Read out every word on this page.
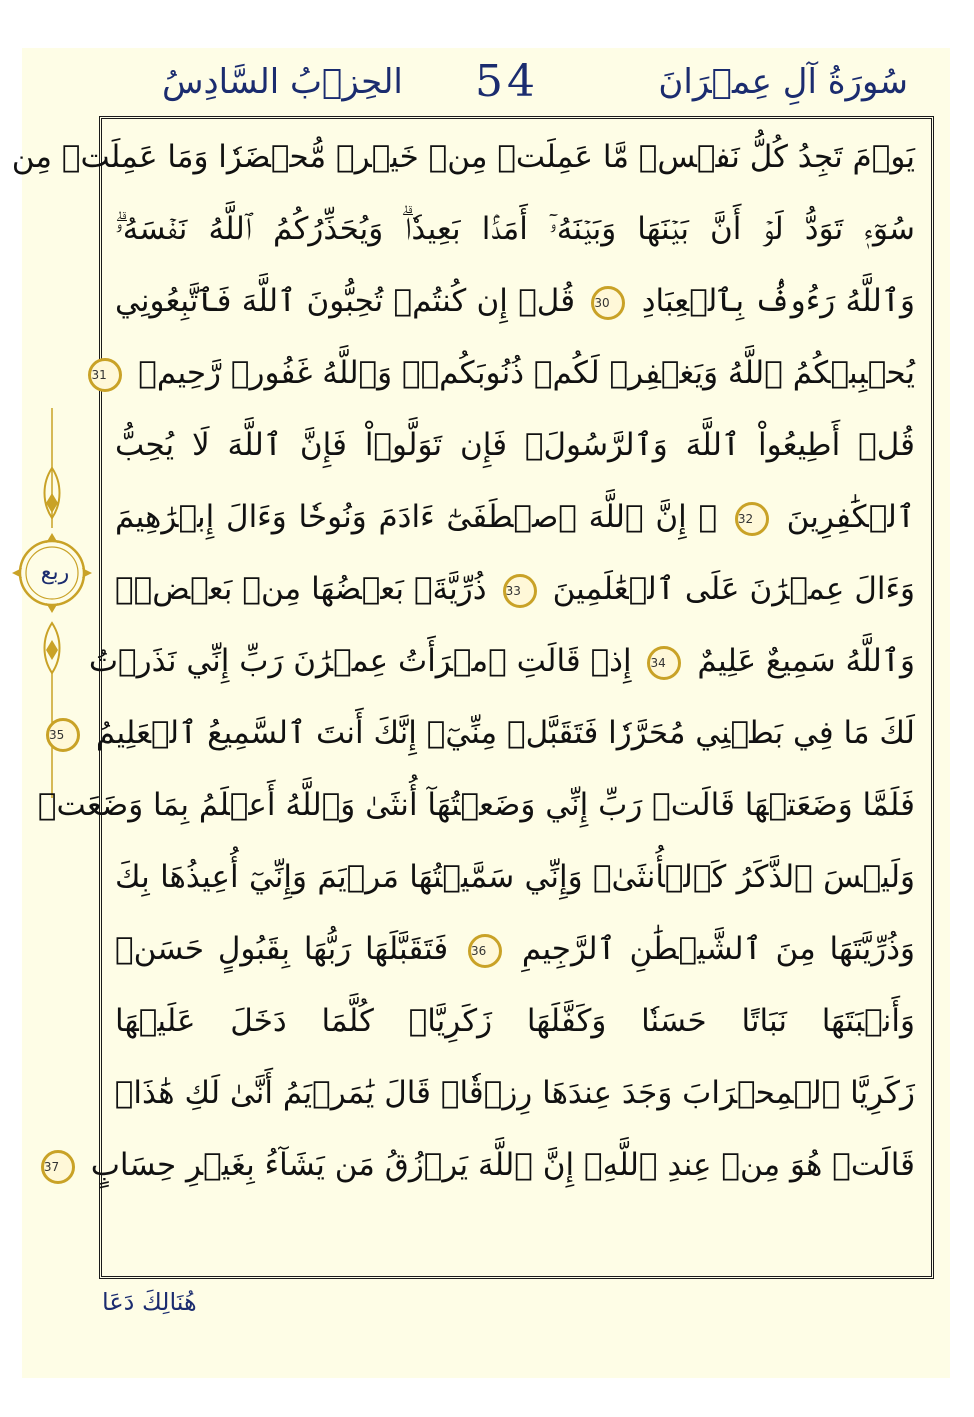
سُورَةُ آلِ عِمۡرَانَ
54
الحِزۡبُ السَّادِسُ
ربع
يَوۡمَ تَجِدُ كُلُّ نَفۡسٖ مَّا عَمِلَتۡ مِنۡ خَيۡرٖ مُّحۡضَرٗا وَمَا عَمِلَتۡ مِن
سُوٓءٖ تَوَدُّ لَوۡ أَنَّ بَيۡنَهَا وَبَيۡنَهُۥٓ أَمَدَۢا بَعِيدٗاۗ وَيُحَذِّرُكُمُ ٱللَّهُ نَفۡسَهُۥۗ
وَٱللَّهُ رَءُوفُۢ بِٱلۡعِبَادِ 30 قُلۡ إِن كُنتُمۡ تُحِبُّونَ ٱللَّهَ فَٱتَّبِعُونِي
يُحۡبِبۡكُمُ ٱللَّهُ وَيَغۡفِرۡ لَكُمۡ ذُنُوبَكُمۡۚ وَٱللَّهُ غَفُورٞ رَّحِيمٞ 31
قُلۡ أَطِيعُواْ ٱللَّهَ وَٱلرَّسُولَۖ فَإِن تَوَلَّوۡاْ فَإِنَّ ٱللَّهَ لَا يُحِبُّ
ٱلۡكَٰفِرِينَ 32 ۞ إِنَّ ٱللَّهَ ٱصۡطَفَىٰٓ ءَادَمَ وَنُوحٗا وَءَالَ إِبۡرَٰهِيمَ
وَءَالَ عِمۡرَٰنَ عَلَى ٱلۡعَٰلَمِينَ 33 ذُرِّيَّةَۢ بَعۡضُهَا مِنۢ بَعۡضٖۗ
وَٱللَّهُ سَمِيعٌ عَلِيمٌ 34 إِذۡ قَالَتِ ٱمۡرَأَتُ عِمۡرَٰنَ رَبِّ إِنِّي نَذَرۡتُ
لَكَ مَا فِي بَطۡنِي مُحَرَّرٗا فَتَقَبَّلۡ مِنِّيٓۖ إِنَّكَ أَنتَ ٱلسَّمِيعُ ٱلۡعَلِيمُ 35
فَلَمَّا وَضَعَتۡهَا قَالَتۡ رَبِّ إِنِّي وَضَعۡتُهَآ أُنثَىٰ وَٱللَّهُ أَعۡلَمُ بِمَا وَضَعَتۡ
وَلَيۡسَ ٱلذَّكَرُ كَٱلۡأُنثَىٰۖ وَإِنِّي سَمَّيۡتُهَا مَرۡيَمَ وَإِنِّيٓ أُعِيذُهَا بِكَ
وَذُرِّيَّتَهَا مِنَ ٱلشَّيۡطَٰنِ ٱلرَّجِيمِ 36 فَتَقَبَّلَهَا رَبُّهَا بِقَبُولٍ حَسَنٖ
وَأَنۢبَتَهَا نَبَاتًا حَسَنٗا وَكَفَّلَهَا زَكَرِيَّاۖ كُلَّمَا دَخَلَ عَلَيۡهَا
زَكَرِيَّا ٱلۡمِحۡرَابَ وَجَدَ عِندَهَا رِزۡقٗاۖ قَالَ يَٰمَرۡيَمُ أَنَّىٰ لَكِ هَٰذَاۖ
قَالَتۡ هُوَ مِنۡ عِندِ ٱللَّهِۖ إِنَّ ٱللَّهَ يَرۡزُقُ مَن يَشَآءُ بِغَيۡرِ حِسَابٍ 37
هُنَالِكَ دَعَا
